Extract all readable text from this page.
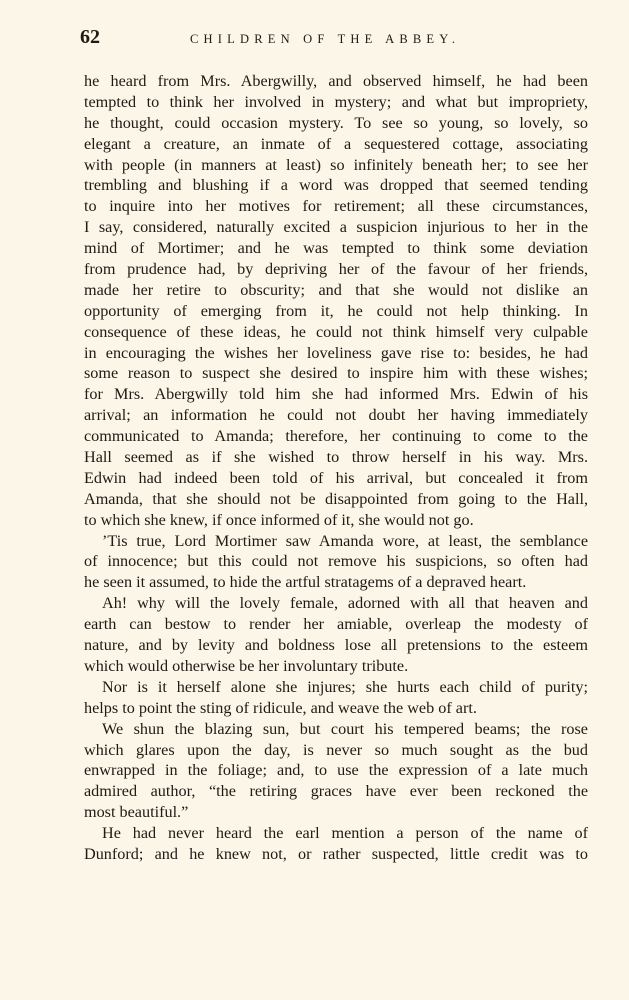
62	CHILDREN OF THE ABBEY.
he heard from Mrs. Abergwilly, and observed himself, he had been
tempted to think her involved in mystery; and what but impropriety,
he thought, could occasion mystery. To see so young, so lovely, so
elegant a creature, an inmate of a sequestered cottage, associating
with people (in manners at least) so infinitely beneath her; to see her
trembling and blushing if a word was dropped that seemed tending
to inquire into her motives for retirement; all these circumstances,
I say, considered, naturally excited a suspicion injurious to her in the
mind of Mortimer; and he was tempted to think some deviation
from prudence had, by depriving her of the favour of her friends,
made her retire to obscurity; and that she would not dislike an
opportunity of emerging from it, he could not help thinking. In
consequence of these ideas, he could not think himself very culpable
in encouraging the wishes her loveliness gave rise to: besides, he had
some reason to suspect she desired to inspire him with these wishes;
for Mrs. Abergwilly told him she had informed Mrs. Edwin of his
arrival; an information he could not doubt her having immediately
communicated to Amanda; therefore, her continuing to come to the
Hall seemed as if she wished to throw herself in his way. Mrs.
Edwin had indeed been told of his arrival, but concealed it from
Amanda, that she should not be disappointed from going to the Hall,
to which she knew, if once informed of it, she would not go.
’Tis true, Lord Mortimer saw Amanda wore, at least, the semblance
of innocence; but this could not remove his suspicions, so often had
he seen it assumed, to hide the artful stratagems of a depraved heart.
Ah! why will the lovely female, adorned with all that heaven and
earth can bestow to render her amiable, overleap the modesty of
nature, and by levity and boldness lose all pretensions to the esteem
which would otherwise be her involuntary tribute.
Nor is it herself alone she injures; she hurts each child of purity;
helps to point the sting of ridicule, and weave the web of art.
We shun the blazing sun, but court his tempered beams; the rose
which glares upon the day, is never so much sought as the bud
enwrapped in the foliage; and, to use the expression of a late much
admired author, “the retiring graces have ever been reckoned the
most beautiful.”
He had never heard the earl mention a person of the name of
Dunford; and he knew not, or rather suspected, little credit was to
